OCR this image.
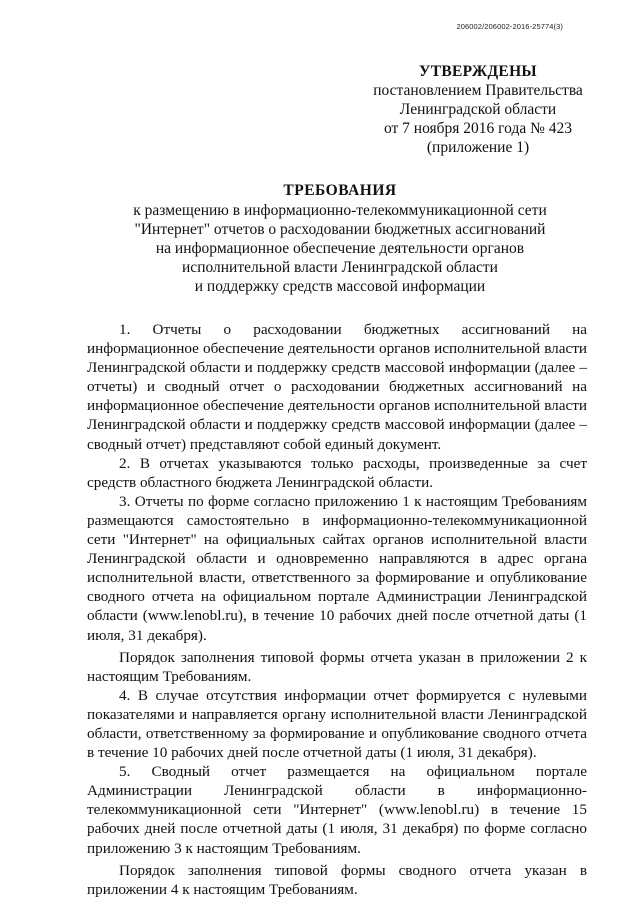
206002/206002-2016-25774(3)
УТВЕРЖДЕНЫ
постановлением Правительства
Ленинградской области
от 7 ноября 2016 года № 423
(приложение 1)
ТРЕБОВАНИЯ
к размещению в информационно-телекоммуникационной сети
"Интернет" отчетов о расходовании бюджетных ассигнований
на информационное обеспечение деятельности органов
исполнительной власти Ленинградской области
и поддержку средств массовой информации

1. Отчеты о расходовании бюджетных ассигнований на информационное обеспечение деятельности органов исполнительной власти Ленинградской области и поддержку средств массовой информации (далее – отчеты) и сводный отчет о расходовании бюджетных ассигнований на информационное обеспечение деятельности органов исполнительной власти Ленинградской области и поддержку средств массовой информации (далее – сводный отчет) представляют собой единый документ.

2. В отчетах указываются только расходы, произведенные за счет средств областного бюджета Ленинградской области.

3. Отчеты по форме согласно приложению 1 к настоящим Требованиям размещаются самостоятельно в информационно-телекоммуникационной сети "Интернет" на официальных сайтах органов исполнительной власти Ленинградской области и одновременно направляются в адрес органа исполнительной власти, ответственного за формирование и опубликование сводного отчета на официальном портале Администрации Ленинградской области (www.lenobl.ru), в течение 10 рабочих дней после отчетной даты (1 июля, 31 декабря).

Порядок заполнения типовой формы отчета указан в приложении 2 к настоящим Требованиям.

4. В случае отсутствия информации отчет формируется с нулевыми показателями и направляется органу исполнительной власти Ленинградской области, ответственному за формирование и опубликование сводного отчета в течение 10 рабочих дней после отчетной даты (1 июля, 31 декабря).

5. Сводный отчет размещается на официальном портале Администрации Ленинградской области в информационно-телекоммуникационной сети "Интернет" (www.lenobl.ru) в течение 15 рабочих дней после отчетной даты (1 июля, 31 декабря) по форме согласно приложению 3 к настоящим Требованиям.

Порядок заполнения типовой формы сводного отчета указан в приложении 4 к настоящим Требованиям.
